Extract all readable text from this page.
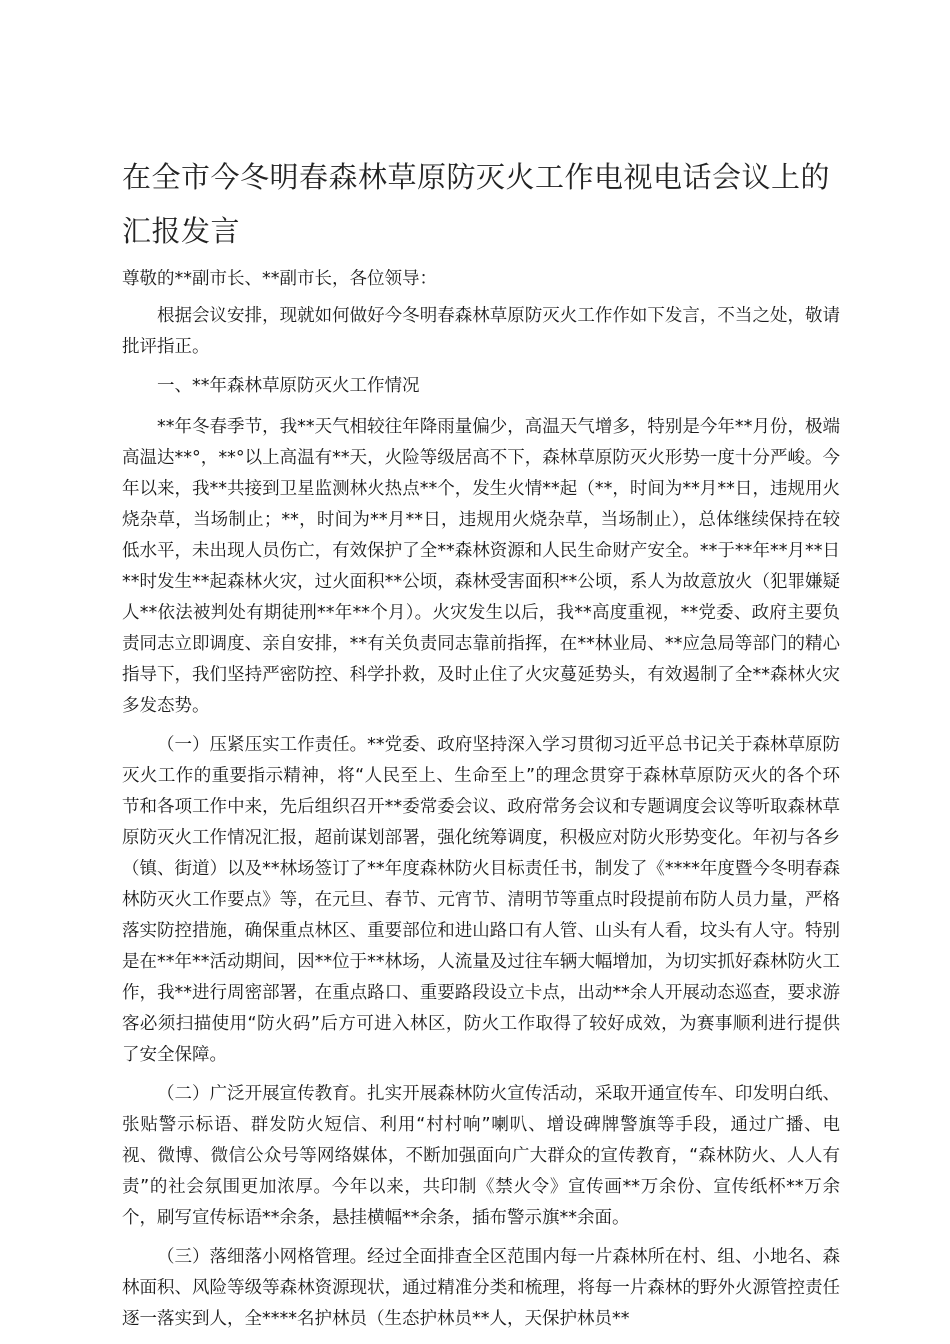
在全市今冬明春森林草原防灭火工作电视电话会议上的汇报发言

尊敬的**副市长、**副市长，各位领导：

根据会议安排，现就如何做好今冬明春森林草原防灭火工作作如下发言，不当之处，敬请批评指正。

一、**年森林草原防灭火工作情况

**年冬春季节，我**天气相较往年降雨量偏少，高温天气增多，特别是今年**月份，极端高温达**°，**°以上高温有**天，火险等级居高不下，森林草原防灭火形势一度十分严峻。今年以来，我**共接到卫星监测林火热点**个，发生火情**起（**，时间为**月**日，违规用火烧杂草，当场制止；**，时间为**月**日，违规用火烧杂草，当场制止），总体继续保持在较低水平，未出现人员伤亡，有效保护了全**森林资源和人民生命财产安全。**于**年**月**日**时发生**起森林火灾，过火面积**公顷，森林受害面积**公顷，系人为故意放火（犯罪嫌疑人**依法被判处有期徒刑**年**个月）。火灾发生以后，我**高度重视，**党委、政府主要负责同志立即调度、亲自安排，**有关负责同志靠前指挥，在**林业局、**应急局等部门的精心指导下，我们坚持严密防控、科学扑救，及时止住了火灾蔓延势头，有效遏制了全**森林火灾多发态势。

（一）压紧压实工作责任。**党委、政府坚持深入学习贯彻习近平总书记关于森林草原防灭火工作的重要指示精神，将“人民至上、生命至上”的理念贯穿于森林草原防灭火的各个环节和各项工作中来，先后组织召开**委常委会议、政府常务会议和专题调度会议等听取森林草原防灭火工作情况汇报，超前谋划部署，强化统筹调度，积极应对防火形势变化。年初与各乡（镇、街道）以及**林场签订了**年度森林防火目标责任书，制发了《****年度暨今冬明春森林防灭火工作要点》等，在元旦、春节、元宵节、清明节等重点时段提前布防人员力量，严格落实防控措施，确保重点林区、重要部位和进山路口有人管、山头有人看，坟头有人守。特别是在**年**活动期间，因**位于**林场，人流量及过往车辆大幅增加，为切实抓好森林防火工作，我**进行周密部署，在重点路口、重要路段设立卡点，出动**余人开展动态巡查，要求游客必须扫描使用“防火码”后方可进入林区，防火工作取得了较好成效，为赛事顺利进行提供了安全保障。

（二）广泛开展宣传教育。扎实开展森林防火宣传活动，采取开通宣传车、印发明白纸、张贴警示标语、群发防火短信、利用“村村响”喇叭、增设碑牌警旗等手段，通过广播、电视、微博、微信公众号等网络媒体，不断加强面向广大群众的宣传教育，“森林防火、人人有责”的社会氛围更加浓厚。今年以来，共印制《禁火令》宣传画**万余份、宣传纸杯**万余个，刷写宣传标语**余条，悬挂横幅**余条，插布警示旗**余面。

（三）落细落小网格管理。经过全面排查全区范围内每一片森林所在村、组、小地名、森林面积、风险等级等森林资源现状，通过精准分类和梳理，将每一片森林的野外火源管控责任逐一落实到人，全****名护林员（生态护林员**人，天保护林员**
